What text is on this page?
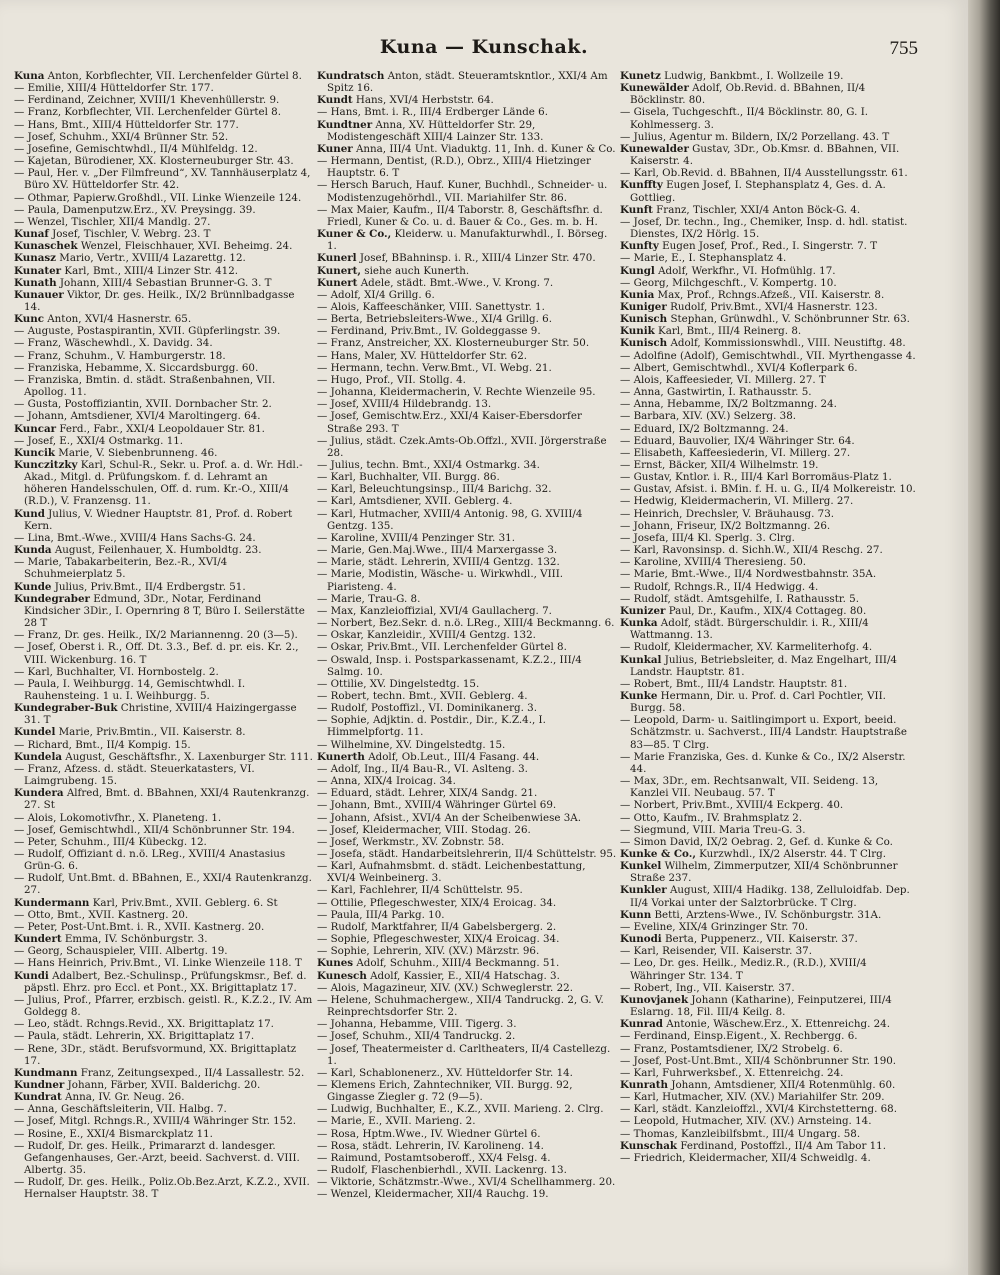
Kuna — Kunschak.	755
Kuna Anton, Korbflechter, VII. Lerchenfelder Gürtel 8.
— Emilie, XIII/4 Hütteldorfer Str. 177.
— Ferdinand, Zeichner, XVIII/1 Khevenhüllerstr. 9.
— Franz, Korbflechter, VII. Lerchenfelder Gürtel 8.
— Hans, Bmt., XIII/4 Hütteldorfer Str. 177.
— Josef, Schuhm., XXI/4 Brünner Str. 52.
— Josefine, Gemischtwhdl., II/4 Mühlfeldg. 12.
— Kajetan, Bürodiener, XX. Klosterneuburger Str. 43.
— Paul, Her. v. „Der Filmfreund“, XV. Tannhäuserplatz 4, Büro XV. Hütteldorfer Str. 42.
— Othmar, Papierw.Großhdl., VII. Linke Wienzeile 124.
— Paula, Damenputzw.Erz., XV. Preysingg. 39.
— Wenzel, Tischler, XII/4 Mandlg. 27.
Kunaf Josef, Tischler, V. Webrg. 23. T
Kunaschek Wenzel, Fleischhauer, XVI. Beheimg. 24.
Kunasz Mario, Vertr., XVIII/4 Lazarettg. 12.
Kunater Karl, Bmt., XIII/4 Linzer Str. 412.
Kunath Johann, XIII/4 Sebastian Brunner-G. 3. T
Kunauer Viktor, Dr. ges. Heilk., IX/2 Brünnlbadgasse 14.
Kunc Anton, XVI/4 Hasnerstr. 65.
— Auguste, Postaspirantin, XVII. Güpferlingstr. 39.
— Franz, Wäschewhdl., X. Davidg. 34.
— Franz, Schuhm., V. Hamburgerstr. 18.
— Franziska, Hebamme, X. Siccardsburgg. 60.
— Franziska, Bmtin. d. städt. Straßenbahnen, VII. Apollog. 11.
— Gusta, Postoffiziantin, XVII. Dornbacher Str. 2.
— Johann, Amtsdiener, XVI/4 Maroltingerg. 64.
Kuncar Ferd., Fabr., XXI/4 Leopoldauer Str. 81.
— Josef, E., XXI/4 Ostmarkg. 11.
Kuncik Marie, V. Siebenbrunneng. 46.
Kunczitzky Karl, Schul-R., Sekr. u. Prof. a. d. Wr. Hdl.-Akad., Mitgl. d. Prüfungskom. f. d. Lehramt an höheren Handelsschulen, Off. d. rum. Kr.-O., XIII/4 (R.D.), V. Franzensg. 11.
Kund Julius, V. Wiedner Hauptstr. 81, Prof. d. Robert Kern.
— Lina, Bmt.-Wwe., XVIII/4 Hans Sachs-G. 24.
Kunda August, Feilenhauer, X. Humboldtg. 23.
— Marie, Tabakarbeiterin, Bez.-R., XVI/4 Schuhmeierplatz 5.
Kunde Julius, Priv.Bmt., II/4 Erdbergstr. 51.
Kundegraber Edmund, 3Dr., Notar, Ferdinand Kindsicher 3Dir., I. Opernring 8 T, Büro I. Seilerstätte 28 T
— Franz, Dr. ges. Heilk., IX/2 Mariannenng. 20 (3—5).
— Josef, Oberst i. R., Off. Dt. 3.3., Bef. d. pr. eis. Kr. 2., VIII. Wickenburg. 16. T
— Karl, Buchhalter, VI. Hornbostelg. 2.
— Paula, I. Weihburgg. 14, Gemischtwhdl. I. Rauhensteing. 1 u. I. Weihburgg. 5.
Kundegraber-Buk Christine, XVIII/4 Haizingergasse 31. T
Kundel Marie, Priv.Bmtin., VII. Kaiserstr. 8.
— Richard, Bmt., II/4 Kompig. 15.
Kundela August, Geschäftsfhr., X. Laxenburger Str. 111.
— Franz, Afzess. d. städt. Steuerkatasters, VI. Laimgrubeng. 15.
Kundera Alfred, Bmt. d. BBahnen, XXI/4 Rautenkranzg. 27. St
— Alois, Lokomotivfhr., X. Planeteng. 1.
— Josef, Gemischtwhdl., XII/4 Schönbrunner Str. 194.
— Peter, Schuhm., III/4 Kübeckg. 12.
— Rudolf, Offiziant d. n.ö. LReg., XVIII/4 Anastasius Grün-G. 6.
— Rudolf, Unt.Bmt. d. BBahnen, E., XXI/4 Rautenkranzg. 27.
Kundermann Karl, Priv.Bmt., XVII. Geblerg. 6. St
— Otto, Bmt., XVII. Kastnerg. 20.
— Peter, Post-Unt.Bmt. i. R., XVII. Kastnerg. 20.
Kundert Emma, IV. Schönburgstr. 3.
— Georg, Schauspieler, VIII. Albertg. 19.
— Hans Heinrich, Priv.Bmt., VI. Linke Wienzeile 118. T
Kundi Adalbert, Bez.-Schulinsp., Prüfungskmsr., Bef. d. päpstl. Ehrz. pro Eccl. et Pont., XX. Brigittaplatz 17.
— Julius, Prof., Pfarrer, erzbisch. geistl. R., K.Z.2., IV. Am Goldegg 8.
— Leo, städt. Rchngs.Revid., XX. Brigittaplatz 17.
— Paula, städt. Lehrerin, XX. Brigittaplatz 17.
— Rene, 3Dr., städt. Berufsvormund, XX. Brigittaplatz 17.
Kundmann Franz, Zeitungsexped., II/4 Lassallestr. 52.
Kundner Johann, Färber, XVII. Balderichg. 20.
Kundrat Anna, IV. Gr. Neug. 26.
— Anna, Geschäftsleiterin, VII. Halbg. 7.
— Josef, Mitgl. Rchngs.R., XVIII/4 Währinger Str. 152.
— Rosine, E., XXI/4 Bismarckplatz 11.
— Rudolf, Dr. ges. Heilk., Primararzt d. landesger. Gefangenhauses, Ger.-Arzt, beeid. Sachverst. d. VIII. Albertg. 35.
— Rudolf, Dr. ges. Heilk., Poliz.Ob.Bez.Arzt, K.Z.2., XVII. Hernalser Hauptstr. 38. T
Kundratsch Anton, städt. Steueramtskntlor., XXI/4 Am Spitz 16.
Kundt Hans, XVI/4 Herbststr. 64.
— Hans, Bmt. i. R., III/4 Erdberger Lände 6.
Kundtner Anna, XV. Hütteldorfer Str. 29, Modistengeschäft XIII/4 Lainzer Str. 133.
Kuner Anna, III/4 Unt. Viaduktg. 11, Inh. d. Kuner & Co.
— Hermann, Dentist, (R.D.), Obrz., XIII/4 Hietzinger Hauptstr. 6. T
— Hersch Baruch, Hauf. Kuner, Buchhdl., Schneider- u. Modistenzugehörhdl., VII. Mariahilfer Str. 86.
— Max Maier, Kaufm., II/4 Taborstr. 8, Geschäftsfhr. d. Friedl, Kuner & Co. u. d. Bauer & Co., Ges. m. b. H.
Kuner & Co., Kleiderw. u. Manufakturwhdl., I. Börseg. 1.
Kunerl Josef, BBahninsp. i. R., XIII/4 Linzer Str. 470.
Kunert, siehe auch Kunerth.
Kunert Adele, städt. Bmt.-Wwe., V. Krong. 7.
— Adolf, XI/4 Grillg. 6.
— Alois, Kaffeeschänker, VIII. Sanettystr. 1.
— Berta, Betriebsleiters-Wwe., XI/4 Grillg. 6.
— Ferdinand, Priv.Bmt., IV. Goldeggasse 9.
— Franz, Anstreicher, XX. Klosterneuburger Str. 50.
— Hans, Maler, XV. Hütteldorfer Str. 62.
— Hermann, techn. Verw.Bmt., VI. Webg. 21.
— Hugo, Prof., VII. Stollg. 4.
— Johanna, Kleidermacherin, V. Rechte Wienzeile 95.
— Josef, XVIII/4 Hildebrandg. 13.
— Josef, Gemischtw.Erz., XXI/4 Kaiser-Ebersdorfer Straße 293. T
— Julius, städt. Czek.Amts-Ob.Offzl., XVII. Jörgerstraße 28.
— Julius, techn. Bmt., XXI/4 Ostmarkg. 34.
— Karl, Buchhalter, VII. Burgg. 86.
— Karl, Beleuchtungsinsp., III/4 Barichg. 32.
— Karl, Amtsdiener, XVII. Geblerg. 4.
— Karl, Hutmacher, XVIII/4 Antonig. 98, G. XVIII/4 Gentzg. 135.
— Karoline, XVIII/4 Penzinger Str. 31.
— Marie, Gen.Maj.Wwe., III/4 Marxergasse 3.
— Marie, städt. Lehrerin, XVIII/4 Gentzg. 132.
— Marie, Modistin, Wäsche- u. Wirkwhdl., VIII. Piaristeng. 4.
— Marie, Trau-G. 8.
— Max, Kanzleioffizial, XVI/4 Gaullacherg. 7.
— Norbert, Bez.Sekr. d. n.ö. LReg., XIII/4 Beckmanng. 6.
— Oskar, Kanzleidir., XVIII/4 Gentzg. 132.
— Oskar, Priv.Bmt., VII. Lerchenfelder Gürtel 8.
— Oswald, Insp. i. Postsparkassenamt, K.Z.2., III/4 Salmg. 10.
— Ottilie, XV. Dingelstedtg. 15.
— Robert, techn. Bmt., XVII. Geblerg. 4.
— Rudolf, Postoffizl., VI. Dominikanerg. 3.
— Sophie, Adjktin. d. Postdir., Dir., K.Z.4., I. Himmelpfortg. 11.
— Wilhelmine, XV. Dingelstedtg. 15.
Kunerth Adolf, Ob.Leut., III/4 Fasang. 44.
— Adolf, Ing., II/4 Bau-R., VI. Aslteng. 3.
— Anna, XIX/4 Iroicag. 34.
— Eduard, städt. Lehrer, XIX/4 Sandg. 21.
— Johann, Bmt., XVIII/4 Währinger Gürtel 69.
— Johann, Afsist., XVI/4 An der Scheibenwiese 3A.
— Josef, Kleidermacher, VIII. Stodag. 26.
— Josef, Werkmstr., XV. Zobnstr. 58.
— Josefa, städt. Handarbeitslehrerin, II/4 Schüttelstr. 95.
— Karl, Aufnahmsbmt. d. städt. Leichenbestattung, XVI/4 Weinbeinerg. 3.
— Karl, Fachlehrer, II/4 Schüttelstr. 95.
— Ottilie, Pflegeschwester, XIX/4 Eroicag. 34.
— Paula, III/4 Parkg. 10.
— Rudolf, Marktfahrer, II/4 Gabelsbergerg. 2.
— Sophie, Pflegeschwester, XIX/4 Eroicag. 34.
— Sophie, Lehrerin, XIV. (XV.) Märzstr. 96.
Kunes Adolf, Schuhm., XIII/4 Beckmanng. 51.
Kunesch Adolf, Kassier, E., XII/4 Hatschag. 3.
— Alois, Magazineur, XIV. (XV.) Schweglerstr. 22.
— Helene, Schuhmachergew., XII/4 Tandruckg. 2, G. V. Reinprechtsdorfer Str. 2.
— Johanna, Hebamme, VIII. Tigerg. 3.
— Josef, Schuhm., XII/4 Tandruckg. 2.
— Josef, Theatermeister d. Carltheaters, II/4 Castellezg. 1.
— Karl, Schablonenerz., XV. Hütteldorfer Str. 14.
— Klemens Erich, Zahntechniker, VII. Burgg. 92, Gingasse Ziegler g. 72 (9—5).
— Ludwig, Buchhalter, E., K.Z., XVII. Marieng. 2. Clrg.
— Marie, E., XVII. Marieng. 2.
— Rosa, Hptm.Wwe., IV. Wiedner Gürtel 6.
— Rosa, städt. Lehrerin, IV. Karolineng. 14.
— Raimund, Postamtsoberoff., XX/4 Felsg. 4.
— Rudolf, Flaschenbierhdl., XVII. Lackenrg. 13.
— Viktorie, Schätzmstr.-Wwe., XVI/4 Schellhammerg. 20.
— Wenzel, Kleidermacher, XII/4 Rauchg. 19.
Kunetz Ludwig, Bankbmt., I. Wollzeile 19.
Kunewälder Adolf, Ob.Revid. d. BBahnen, II/4 Böcklinstr. 80.
— Gisela, Tuchgeschft., II/4 Böcklinstr. 80, G. I. Kohlmesserg. 3.
— Julius, Agentur m. Bildern, IX/2 Porzellang. 43. T
Kunewalder Gustav, 3Dr., Ob.Kmsr. d. BBahnen, VII. Kaiserstr. 4.
— Karl, Ob.Revid. d. BBahnen, II/4 Ausstellungsstr. 61.
Kunffty Eugen Josef, I. Stephansplatz 4, Ges. d. A. Gottlieg.
Kunft Franz, Tischler, XXI/4 Anton Böck-G. 4.
— Josef, Dr. techn., Ing., Chemiker, Insp. d. hdl. statist. Dienstes, IX/2 Hörlg. 15.
Kunfty Eugen Josef, Prof., Red., I. Singerstr. 7. T
— Marie, E., I. Stephansplatz 4.
Kungl Adolf, Werkfhr., VI. Hofmühlg. 17.
— Georg, Milchgeschft., V. Kompertg. 10.
Kunia Max, Prof., Rchngs.Afzeß., VII. Kaiserstr. 8.
Kuniger Rudolf, Priv.Bmt., XVI/4 Hasnerstr. 123.
Kunisch Stephan, Grünwdhl., V. Schönbrunner Str. 63.
Kunik Karl, Bmt., III/4 Reinerg. 8.
Kunisch Adolf, Kommissionswhdl., VIII. Neustiftg. 48.
— Adolfine (Adolf), Gemischtwhdl., VII. Myrthengasse 4.
— Albert, Gemischtwhdl., XVI/4 Koflerpark 6.
— Alois, Kaffeesieder, VI. Millerg. 27. T
— Anna, Gastwirtin, I. Rathausstr. 5.
— Anna, Hebamme, IX/2 Boltzmanng. 24.
— Barbara, XIV. (XV.) Selzerg. 38.
— Eduard, IX/2 Boltzmanng. 24.
— Eduard, Bauvolier, IX/4 Währinger Str. 64.
— Elisabeth, Kaffeesiederin, VI. Millerg. 27.
— Ernst, Bäcker, XII/4 Wilhelmstr. 19.
— Gustav, Kntlor. i. R., III/4 Karl Borromäus-Platz 1.
— Gustav, Afsist. i. BMin. f. H. u. G., II/4 Molkereistr. 10.
— Hedwig, Kleidermacherin, VI. Millerg. 27.
— Heinrich, Drechsler, V. Bräuhausg. 73.
— Johann, Friseur, IX/2 Boltzmanng. 26.
— Josefa, III/4 Kl. Sperlg. 3. Clrg.
— Karl, Ravonsinsp. d. Sichh.W., XII/4 Reschg. 27.
— Karoline, XVIII/4 Theresieng. 50.
— Marie, Bmt.-Wwe., II/4 Nordwestbahnstr. 35A.
— Rudolf, Rchngs.R., II/4 Hedwigg. 4.
— Rudolf, städt. Amtsgehilfe, I. Rathausstr. 5.
Kunizer Paul, Dr., Kaufm., XIX/4 Cottageg. 80.
Kunka Adolf, städt. Bürgerschuldir. i. R., XIII/4 Wattmanng. 13.
— Rudolf, Kleidermacher, XV. Karmeliterhofg. 4.
Kunkal Julius, Betriebsleiter, d. Maz Engelhart, III/4 Landstr. Hauptstr. 81.
— Robert, Bmt., III/4 Landstr. Hauptstr. 81.
Kunke Hermann, Dir. u. Prof. d. Carl Pochtler, VII. Burgg. 58.
— Leopold, Darm- u. Saitlingimport u. Export, beeid. Schätzmstr. u. Sachverst., III/4 Landstr. Hauptstraße 83—85. T Clrg.
— Marie Franziska, Ges. d. Kunke & Co., IX/2 Alserstr. 44.
— Max, 3Dr., em. Rechtsanwalt, VII. Seideng. 13, Kanzlei VII. Neubaug. 57. T
— Norbert, Priv.Bmt., XVIII/4 Eckperg. 40.
— Otto, Kaufm., IV. Brahmsplatz 2.
— Siegmund, VIII. Maria Treu-G. 3.
— Simon David, IX/2 Oebrag. 2, Gef. d. Kunke & Co.
Kunke & Co., Kurzwhdl., IX/2 Alserstr. 44. T Clrg.
Kunkel Wilhelm, Zimmerputzer, XII/4 Schönbrunner Straße 237.
Kunkler August, XIII/4 Hadikg. 138, Zelluloidfab. Dep. II/4 Vorkai unter der Salztorbrücke. T Clrg.
Kunn Betti, Arztens-Wwe., IV. Schönburgstr. 31A.
— Eveline, XIX/4 Grinzinger Str. 70.
Kunodi Berta, Puppenerz., VII. Kaiserstr. 37.
— Karl, Reisender, VII. Kaiserstr. 37.
— Leo, Dr. ges. Heilk., Mediz.R., (R.D.), XVIII/4 Währinger Str. 134. T
— Robert, Ing., VII. Kaiserstr. 37.
Kunovjanek Johann (Katharine), Feinputzerei, III/4 Eslarng. 18, Fil. III/4 Keilg. 8.
Kunrad Antonie, Wäschew.Erz., X. Ettenreichg. 24.
— Ferdinand, Einsp.Eigent., X. Rechbergg. 6.
— Franz, Postamtsdiener, IX/2 Strobelg. 6.
— Josef, Post-Unt.Bmt., XII/4 Schönbrunner Str. 190.
— Karl, Fuhrwerksbef., X. Ettenreichg. 24.
Kunrath Johann, Amtsdiener, XII/4 Rotenmühlg. 60.
— Karl, Hutmacher, XIV. (XV.) Mariahilfer Str. 209.
— Karl, städt. Kanzleioffzl., XVI/4 Kirchstetterng. 68.
— Leopold, Hutmacher, XIV. (XV.) Arnsteing. 14.
— Thomas, Kanzleibilfsbmt., III/4 Ungarg. 58.
Kunschak Ferdinand, Postoffzl., II/4 Am Tabor 11.
— Friedrich, Kleidermacher, XII/4 Schweidlg. 4.
